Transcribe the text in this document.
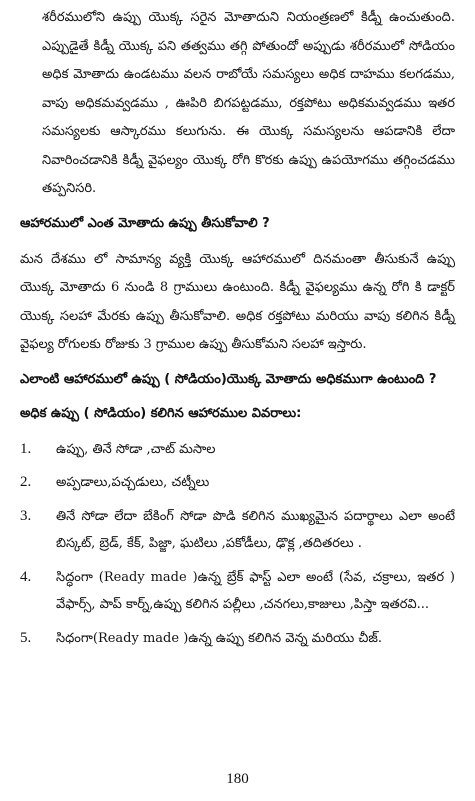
శరీరములోని ఉప్పు యొక్క సరైన మోతాదుని నియంత్రణలో కిడ్నీ ఉంచుతుంది. ఎప్పుడైతే కిడ్నీ యొక్క పని తత్వము తగ్గి పోతుందో అప్పుడు శరీరములో సోడియం అధిక మోతాదు ఉండటము వలన రాబోయే సమస్యలు అధిక దాహము కలగడము, వాపు అధికమవ్వడము , ఊపిరి బిగపట్టడము, రక్తపోటు అధికమవ్వడము ఇతర సమస్యలకు ఆస్కారము కలుగును. ఈ యొక్క సమస్యలను ఆపడానికి లేదా నివారించడానికి కిడ్నీ వైఫల్యం యొక్క రోగి కొరకు ఉప్పు ఉపయోగము తగ్గించడము తప్పనిసరి.

ఆహారములో ఎంత మోతాదు ఉప్పు తీసుకోవాలి ?

మన దేశము లో సామాన్య వ్యక్తి యొక్క ఆహారములో దినమంతా తీసుకునే ఉప్పు యొక్క మోతాదు 6 నుండి 8 గ్రాములు ఉంటుంది. కిడ్నీ వైఫల్యము ఉన్న రోగి కి డాక్టర్ యొక్క సలహా మేరకు ఉప్పు తీసుకోవాలి. అధిక రక్తపోటు మరియు వాపు కలిగిన కిడ్నీ వైఫల్య రోగులకు రోజుకు 3 గ్రాముల ఉప్పు తీసుకోమని సలహా ఇస్తారు.

ఎలాంటి ఆహారములో ఉప్పు ( సోడియం)యొక్క మోతాదు అధికముగా ఉంటుంది ?

అధిక ఉప్పు ( సోడియం) కలిగిన ఆహారముల వివరాలు:

1.	ఉప్పు, తినే సోడా ,చాట్ మసాల
2.	అప్పడాలు,పచ్చడులు, చట్నీలు
3.	తినే సోడా లేదా బేకింగ్ సోడా పొడి కలిగిన ముఖ్యమైన పదార్థాలు ఎలా అంటే బిస్కట్, బ్రెడ్, కేక్, పిజ్జా, ఘటిలు ,పకోడీలు, ఢొక్ల ,తదితరలు .
4.	సిద్ధంగా (Ready made )ఉన్న బ్రేక్ ఫాస్ట్ ఎలా అంటే (సేవ, చక్రాలు, ఇతర ) వేఫార్స్, పాప్ కార్న్,ఉప్పు కలిగిన పల్లీలు ,చనగలు,కాజులు ,పిస్తా ఇతరవి...
5.	సిధంగా(Ready made )ఉన్న ఉప్పు కలిగిన వెన్న మరియు చీజ్.
180
